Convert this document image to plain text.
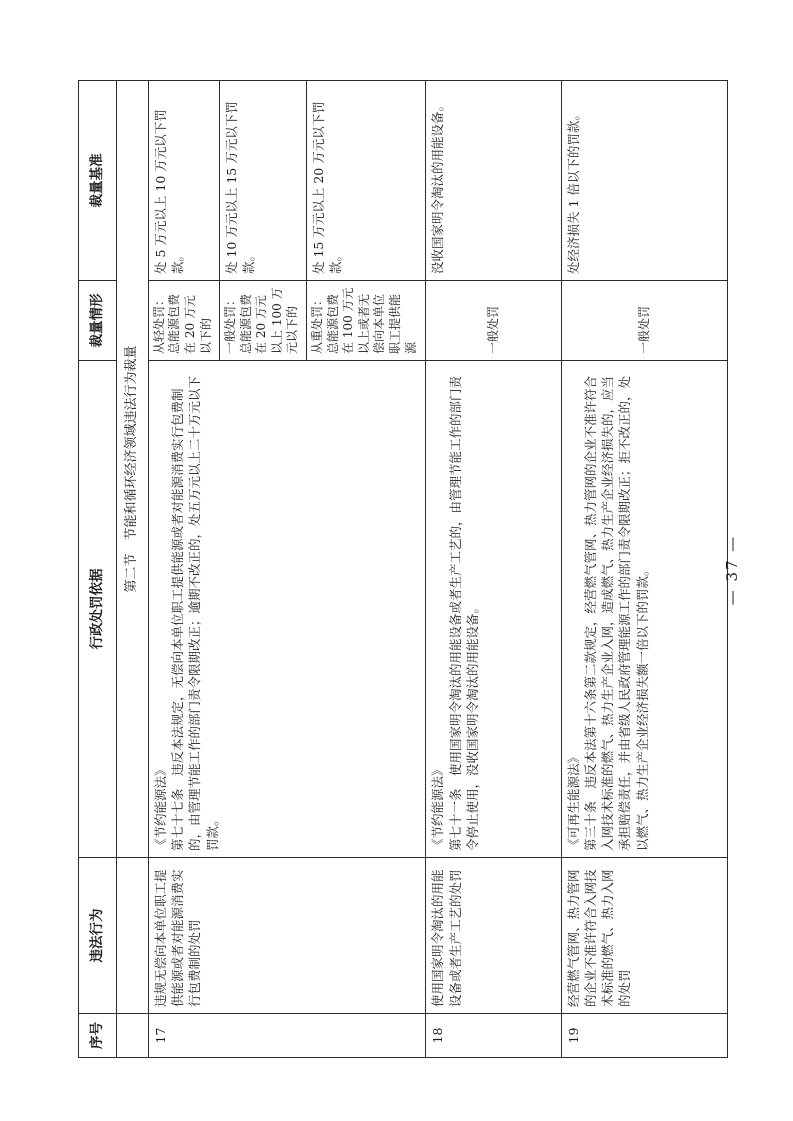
序号	违法行为	行政处罚依据	裁量情形	裁量基准
		第二节　节能和循环经济领域违法行为裁量		
17	违规无偿向本单位职工提供能源或者对能源消费实行包费制的处罚	《节约能源法》 第七十七条　违反本法规定，无偿向本单位职工提供能源或者对能源消费实行包费制的，由管理节能工作的部门责令限期改正；逾期不改正的，处五万元以上二十万元以下罚款。	从轻处罚：总能源包费在 20 万元以下的	处 5 万元以上 10 万元以下罚款。
			一般处罚：总能源包费在 20 万元以上 100 万元以下的	处 10 万元以上 15 万元以下罚款。
			从重处罚：总能源包费在 100 万元以上或者无偿向本单位职工提供能源	处 15 万元以上 20 万元以下罚款。
18	使用国家明令淘汰的用能设备或者生产工艺的处罚	《节约能源法》 第七十一条　使用国家明令淘汰的用能设备或者生产工艺的，由管理节能工作的部门责令停止使用，没收国家明令淘汰的用能设备。	一般处罚	没收国家明令淘汰的用能设备。
19	经营燃气管网、热力管网的企业不准许符合入网技术标准的燃气、热力入网的处罚	《可再生能源法》 第三十条　违反本法第十六条第二款规定，经营燃气管网、热力管网的企业不准许符合入网技术标准的燃气、热力生产企业入网，造成燃气、热力生产企业经济损失的，应当承担赔偿责任，并由省级人民政府管理能源工作的部门责令限期改正；拒不改正的，处以燃气、热力生产企业经济损失额一倍以下的罚款。	一般处罚	处经济损失 1 倍以下的罚款。
— 37 —
